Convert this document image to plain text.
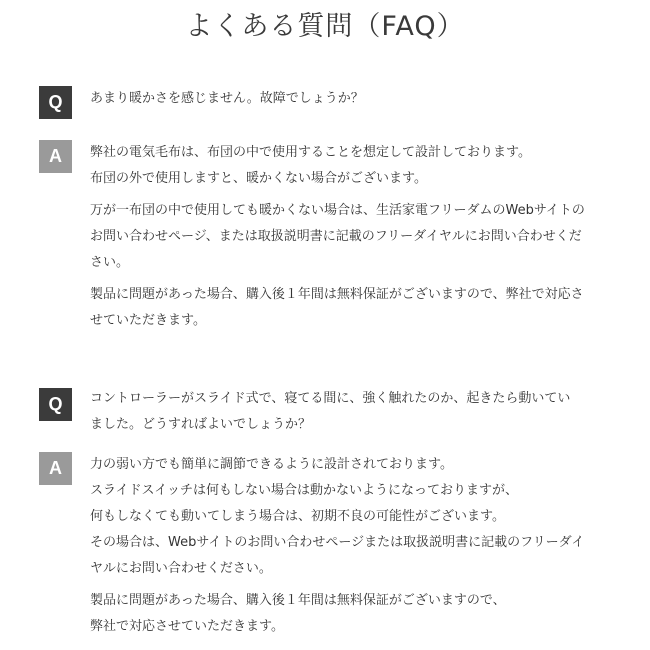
よくある質問（FAQ）
Q	あまり暖かさを感じません。故障でしょうか？
A	弊社の電気毛布は、布団の中で使用することを想定して設計しております。
布団の外で使用しますと、暖かくない場合がございます。

万が一布団の中で使用しても暖かくない場合は、生活家電フリーダムのWebサイトの
お問い合わせページ、または取扱説明書に記載のフリーダイヤルにお問い合わせくだ
さい。

製品に問題があった場合、購入後１年間は無料保証がございますので、弊社で対応さ
せていただきます。

Q	コントローラーがスライド式で、寝てる間に、強く触れたのか、起きたら動いてい
ました。どうすればよいでしょうか？
A	力の弱い方でも簡単に調節できるように設計されております。
スライドスイッチは何もしない場合は動かないようになっておりますが、
何もしなくても動いてしまう場合は、初期不良の可能性がございます。
その場合は、Webサイトのお問い合わせページまたは取扱説明書に記載のフリーダイ
ヤルにお問い合わせください。

製品に問題があった場合、購入後１年間は無料保証がございますので、
弊社で対応させていただきます。
